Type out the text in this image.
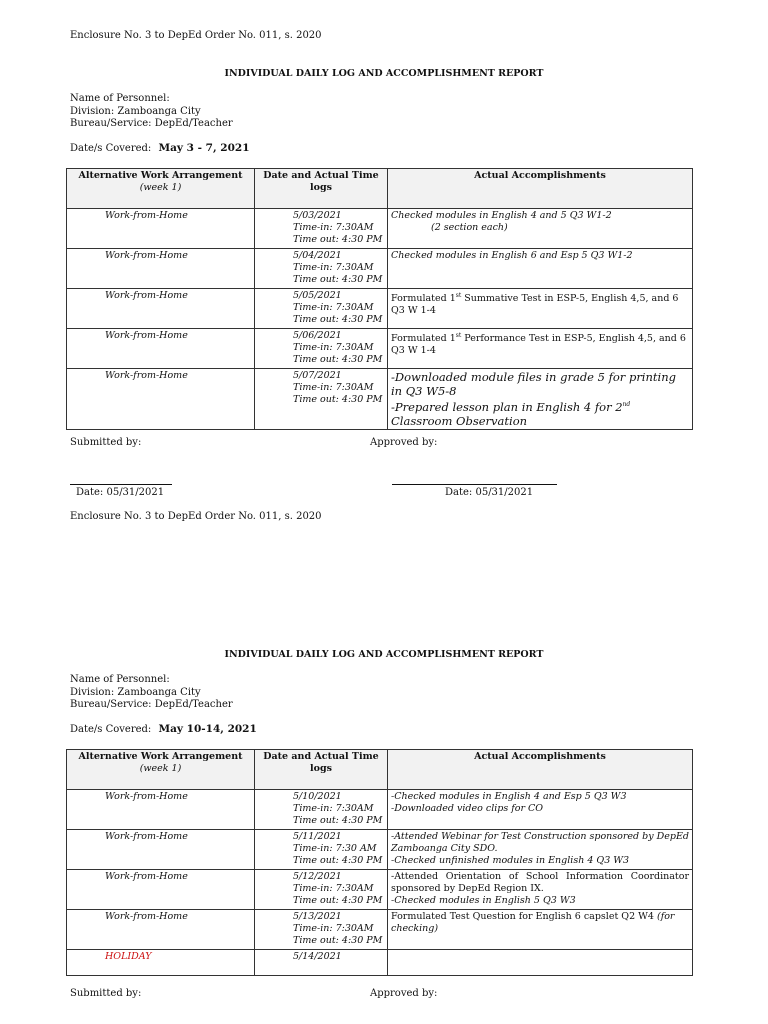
Enclosure No. 3 to DepEd Order No. 011, s. 2020
INDIVIDUAL DAILY LOG AND ACCOMPLISHMENT REPORT
Name of Personnel:
Division: Zamboanga City
Bureau/Service: DepEd/Teacher
Date/s Covered: May 3 - 7, 2021
Alternative Work Arrangement
(week 1)	Date and Actual Time logs	Actual Accomplishments
Work-from-Home	5/03/2021
Time-in: 7:30AM
Time out: 4:30 PM	Checked modules in English 4 and 5 Q3 W1-2
(2 section each)

Work-from-Home	5/04/2021
Time-in: 7:30AM
Time out: 4:30 PM	Checked modules in English 6 and Esp 5 Q3 W1-2

Work-from-Home	5/05/2021
Time-in: 7:30AM
Time out: 4:30 PM	Formulated 1st Summative Test in ESP-5, English 4,5, and 6 Q3 W 1-4

Work-from-Home	5/06/2021
Time-in: 7:30AM
Time out: 4:30 PM	Formulated 1st Performance Test in ESP-5, English 4,5, and 6 Q3 W 1-4

Work-from-Home	5/07/2021
Time-in: 7:30AM
Time out: 4:30 PM	-Downloaded module files in grade 5 for printing in Q3 W5-8
-Prepared lesson plan in English 4 for 2nd Classroom Observation
Submitted by:	Approved by:
Date: 05/31/2021	Date: 05/31/2021
Enclosure No. 3 to DepEd Order No. 011, s. 2020
INDIVIDUAL DAILY LOG AND ACCOMPLISHMENT REPORT
Name of Personnel:
Division: Zamboanga City
Bureau/Service: DepEd/Teacher
Date/s Covered: May 10-14, 2021
Alternative Work Arrangement
(week 1)	Date and Actual Time logs	Actual Accomplishments
Work-from-Home	5/10/2021
Time-in: 7:30AM
Time out: 4:30 PM	-Checked modules in English 4 and Esp 5 Q3 W3
-Downloaded video clips for CO

Work-from-Home	5/11/2021
Time-in: 7:30 AM
Time out: 4:30 PM	-Attended Webinar for Test Construction sponsored by DepEd Zamboanga City SDO.
-Checked unfinished modules in English 4 Q3 W3

Work-from-Home	5/12/2021
Time-in: 7:30AM
Time out: 4:30 PM	-Attended Orientation of School Information Coordinator sponsored by DepEd Region IX.
-Checked modules in English 5 Q3 W3

Work-from-Home	5/13/2021
Time-in: 7:30AM
Time out: 4:30 PM	Formulated Test Question for English 6 capslet Q2 W4 (for checking)
HOLIDAY	5/14/2021	

Submitted by:	Approved by:
